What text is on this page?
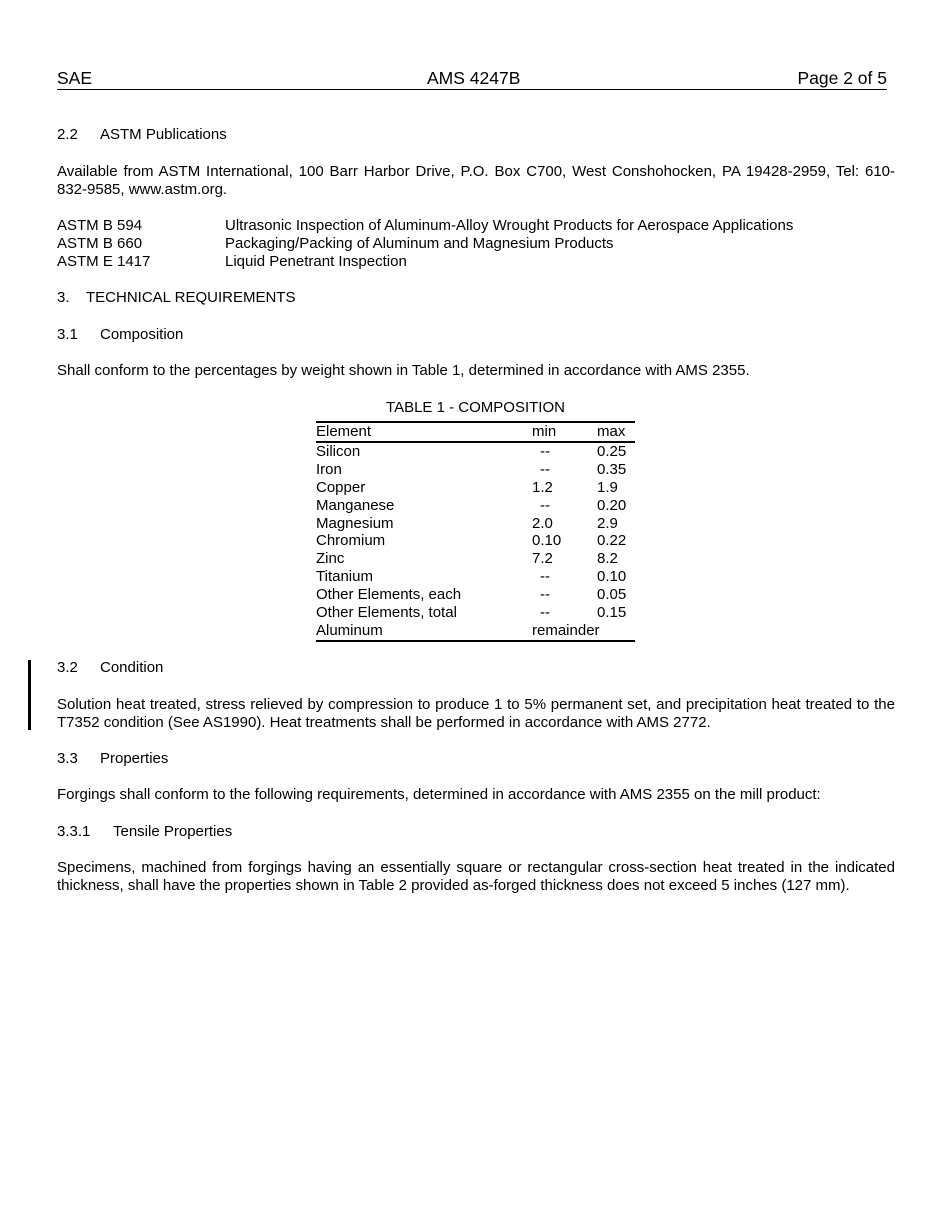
SAE	AMS 4247B	Page 2 of 5
2.2 ASTM Publications
Available from ASTM International, 100 Barr Harbor Drive, P.O. Box C700, West Conshohocken, PA 19428-2959, Tel: 610-832-9585, www.astm.org.
ASTM B 594	Ultrasonic Inspection of Aluminum-Alloy Wrought Products for Aerospace Applications
ASTM B 660	Packaging/Packing of Aluminum and Magnesium Products
ASTM E 1417	Liquid Penetrant Inspection
3. TECHNICAL REQUIREMENTS
3.1 Composition
Shall conform to the percentages by weight shown in Table 1, determined in accordance with AMS 2355.
TABLE 1 - COMPOSITION
Element	min	max
Silicon	--	0.25
Iron	--	0.35
Copper	1.2	1.9
Manganese	--	0.20
Magnesium	2.0	2.9
Chromium	0.10 0.22
Zinc	7.2	8.2
Titanium	--	0.10
Other Elements, each	--	0.05
Other Elements, total	--	0.15
Aluminum	remainder
3.2 Condition
Solution heat treated, stress relieved by compression to produce 1 to 5% permanent set, and precipitation heat treated to the T7352 condition (See AS1990). Heat treatments shall be performed in accordance with AMS 2772.
3.3 Properties
Forgings shall conform to the following requirements, determined in accordance with AMS 2355 on the mill product:
3.3.1 Tensile Properties
Specimens, machined from forgings having an essentially square or rectangular cross-section heat treated in the indicated thickness, shall have the properties shown in Table 2 provided as-forged thickness does not exceed 5 inches (127 mm).
